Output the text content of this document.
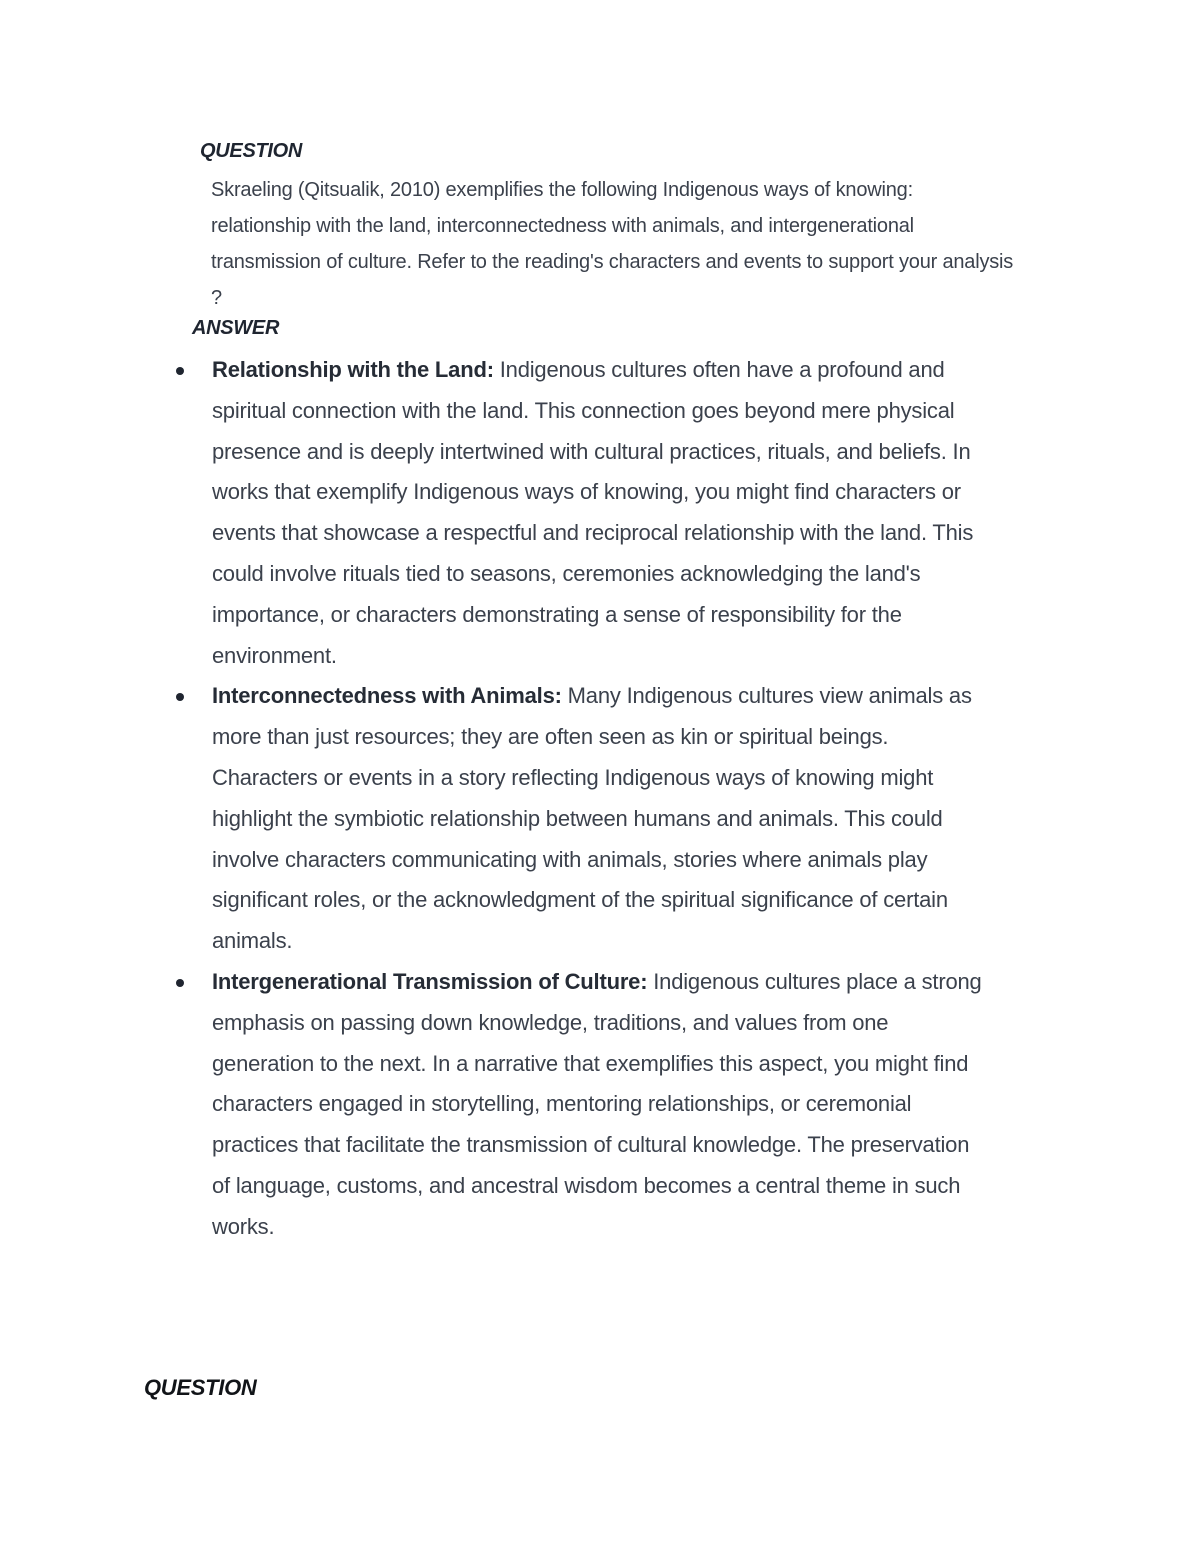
QUESTION
Skraeling (Qitsualik, 2010) exemplifies the following Indigenous ways of knowing:
relationship with the land, interconnectedness with animals, and intergenerational
transmission of culture. Refer to the reading's characters and events to support your analysis
?
ANSWER
Relationship with the Land: Indigenous cultures often have a profound and
spiritual connection with the land. This connection goes beyond mere physical
presence and is deeply intertwined with cultural practices, rituals, and beliefs. In
works that exemplify Indigenous ways of knowing, you might find characters or
events that showcase a respectful and reciprocal relationship with the land. This
could involve rituals tied to seasons, ceremonies acknowledging the land's
importance, or characters demonstrating a sense of responsibility for the
environment.
Interconnectedness with Animals: Many Indigenous cultures view animals as
more than just resources; they are often seen as kin or spiritual beings.
Characters or events in a story reflecting Indigenous ways of knowing might
highlight the symbiotic relationship between humans and animals. This could
involve characters communicating with animals, stories where animals play
significant roles, or the acknowledgment of the spiritual significance of certain
animals.
Intergenerational Transmission of Culture: Indigenous cultures place a strong
emphasis on passing down knowledge, traditions, and values from one
generation to the next. In a narrative that exemplifies this aspect, you might find
characters engaged in storytelling, mentoring relationships, or ceremonial
practices that facilitate the transmission of cultural knowledge. The preservation
of language, customs, and ancestral wisdom becomes a central theme in such
works.
QUESTION
